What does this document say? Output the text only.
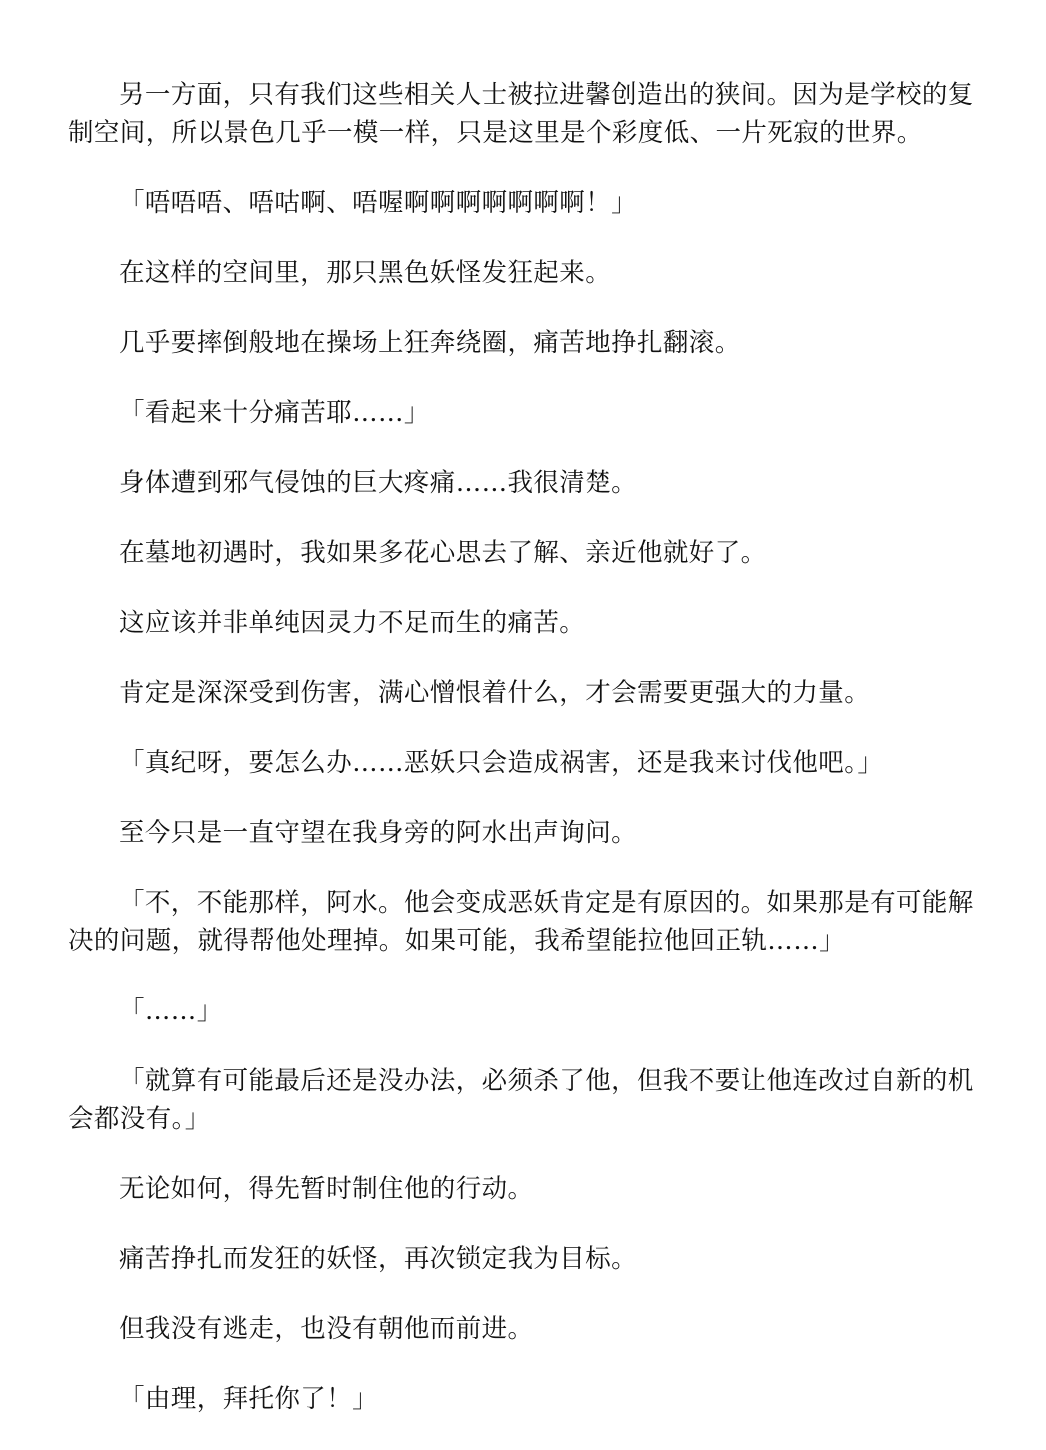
另一方面，只有我们这些相关人士被拉进馨创造出的狭间。因为是学校的复制空间，所以景色几乎一模一样，只是这里是个彩度低、一片死寂的世界。

「唔唔唔、唔咕啊、唔喔啊啊啊啊啊啊啊！」

在这样的空间里，那只黑色妖怪发狂起来。

几乎要摔倒般地在操场上狂奔绕圈，痛苦地挣扎翻滚。

「看起来十分痛苦耶……」

身体遭到邪气侵蚀的巨大疼痛……我很清楚。

在墓地初遇时，我如果多花心思去了解、亲近他就好了。

这应该并非单纯因灵力不足而生的痛苦。

肯定是深深受到伤害，满心憎恨着什么，才会需要更强大的力量。

「真纪呀，要怎么办……恶妖只会造成祸害，还是我来讨伐他吧。」

至今只是一直守望在我身旁的阿水出声询问。

「不，不能那样，阿水。他会变成恶妖肯定是有原因的。如果那是有可能解决的问题，就得帮他处理掉。如果可能，我希望能拉他回正轨……」

「……」

「就算有可能最后还是没办法，必须杀了他，但我不要让他连改过自新的机会都没有。」

无论如何，得先暂时制住他的行动。

痛苦挣扎而发狂的妖怪，再次锁定我为目标。

但我没有逃走，也没有朝他而前进。

「由理，拜托你了！」
